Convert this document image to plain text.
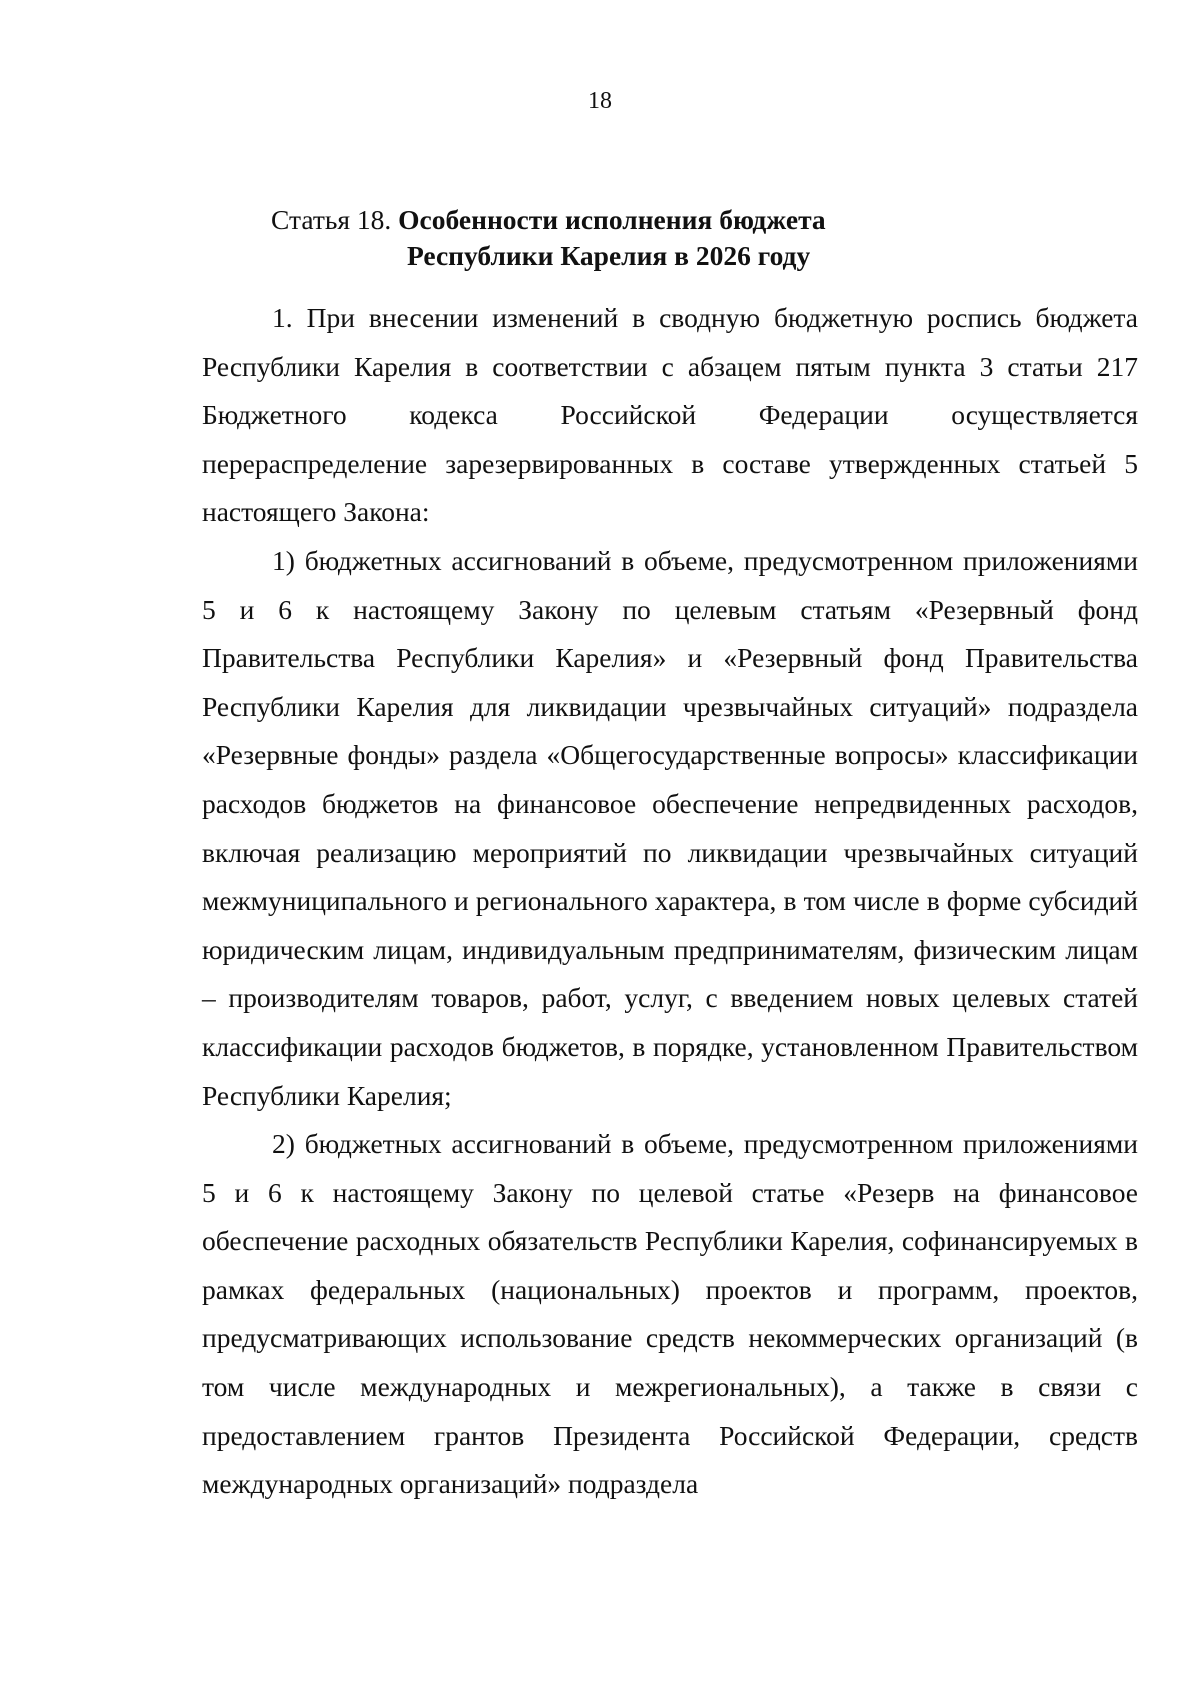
18
Статья 18. Особенности исполнения бюджета
Республики Карелия в 2026 году

1. При внесении изменений в сводную бюджетную роспись бюджета Республики Карелия в соответствии с абзацем пятым пункта 3 статьи 217 Бюджетного кодекса Российской Федерации осуществляется перераспределение зарезервированных в составе утвержденных статьей 5 настоящего Закона:

1) бюджетных ассигнований в объеме, предусмотренном приложениями 5 и 6 к настоящему Закону по целевым статьям «Резервный фонд Правительства Республики Карелия» и «Резервный фонд Правительства Республики Карелия для ликвидации чрезвычайных ситуаций» подраздела «Резервные фонды» раздела «Общегосударственные вопросы» классификации расходов бюджетов на финансовое обеспечение непредвиденных расходов, включая реализацию мероприятий по ликвидации чрезвычайных ситуаций межмуниципального и регионального характера, в том числе в форме субсидий юридическим лицам, индивидуальным предпринимателям, физическим лицам – производителям товаров, работ, услуг, с введением новых целевых статей классификации расходов бюджетов, в порядке, установленном Правительством Республики Карелия;

2) бюджетных ассигнований в объеме, предусмотренном приложениями 5 и 6 к настоящему Закону по целевой статье «Резерв на финансовое обеспечение расходных обязательств Республики Карелия, софинансируемых в рамках федеральных (национальных) проектов и программ, проектов, предусматривающих использование средств некоммерческих организаций (в том числе международных и межрегиональных), а также в связи с предоставлением грантов Президента Российской Федерации, средств международных организаций» подраздела
